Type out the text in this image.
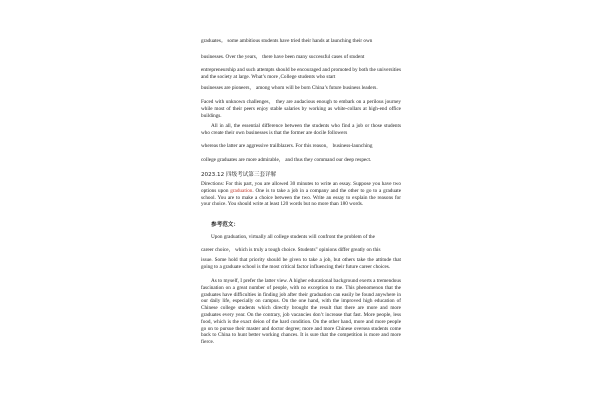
graduates。 some ambitious students have tried their hands at launching their own

businesses. Over the years， there have been many successful cases of student

entrepreneurship and such attempts should be encouraged and promoted by both the universities and the society at large. What’s more ,College students who start

businesses are pioneers， among whom will be born China’s future business leaders.

Faced with unknown challenges， they are audacious enough to embark on a perilous journey while most of their peers enjoy stable salaries by working as white-collars at high-end office buildings.

All in all, the essential difference between the students who find a job or those students who create their own businesses is that the former are docile followers

whereas the latter are aggressive trailblazers. For this reason， business-launching

college graduates are more admirable， and thus they command our deep respect.

2023.12 四级考试第三套详解

Directions: For this part, you are allowed 30 minutes to write an essay. Suppose you have two options upon graduation. One is to take a job in a company and the other to go to a graduate school. You are to make a choice between the two. Write an essay to explain the reasons for your choice. You should write at least 120 words but no more than 180 words.

参考范文：

Upon graduation, virtually all college students will confront the problem of the

career choice， which is truly a tough choice. Students" opinions differ greatly on this

issue. Some hold that priority should be given to take a job, but others take the attitude that going to a graduate school is the most critical factor influencing their future career choices.

As to myself, I prefer the latter view. A higher educational background exerts a tremendous fascination on a great number of people, with no exception to me. This phenomenon that the graduates have difficulties in finding job after their graduation can easily be found anywhere in our daily life, especially on campus. On the one hand, with the improved high education of Chinese college students which directly brought the result that there are more and more graduates every year. On the contrary, job vacancies don’t increase that fast. More people, less food, which is the exact deion of the hard condition. On the other hand, more and more people go on to pursue their master and doctor degree; more and more Chinese oversea students come back to China to hunt better working chances. It is sure that the competition is more and more fierce.
